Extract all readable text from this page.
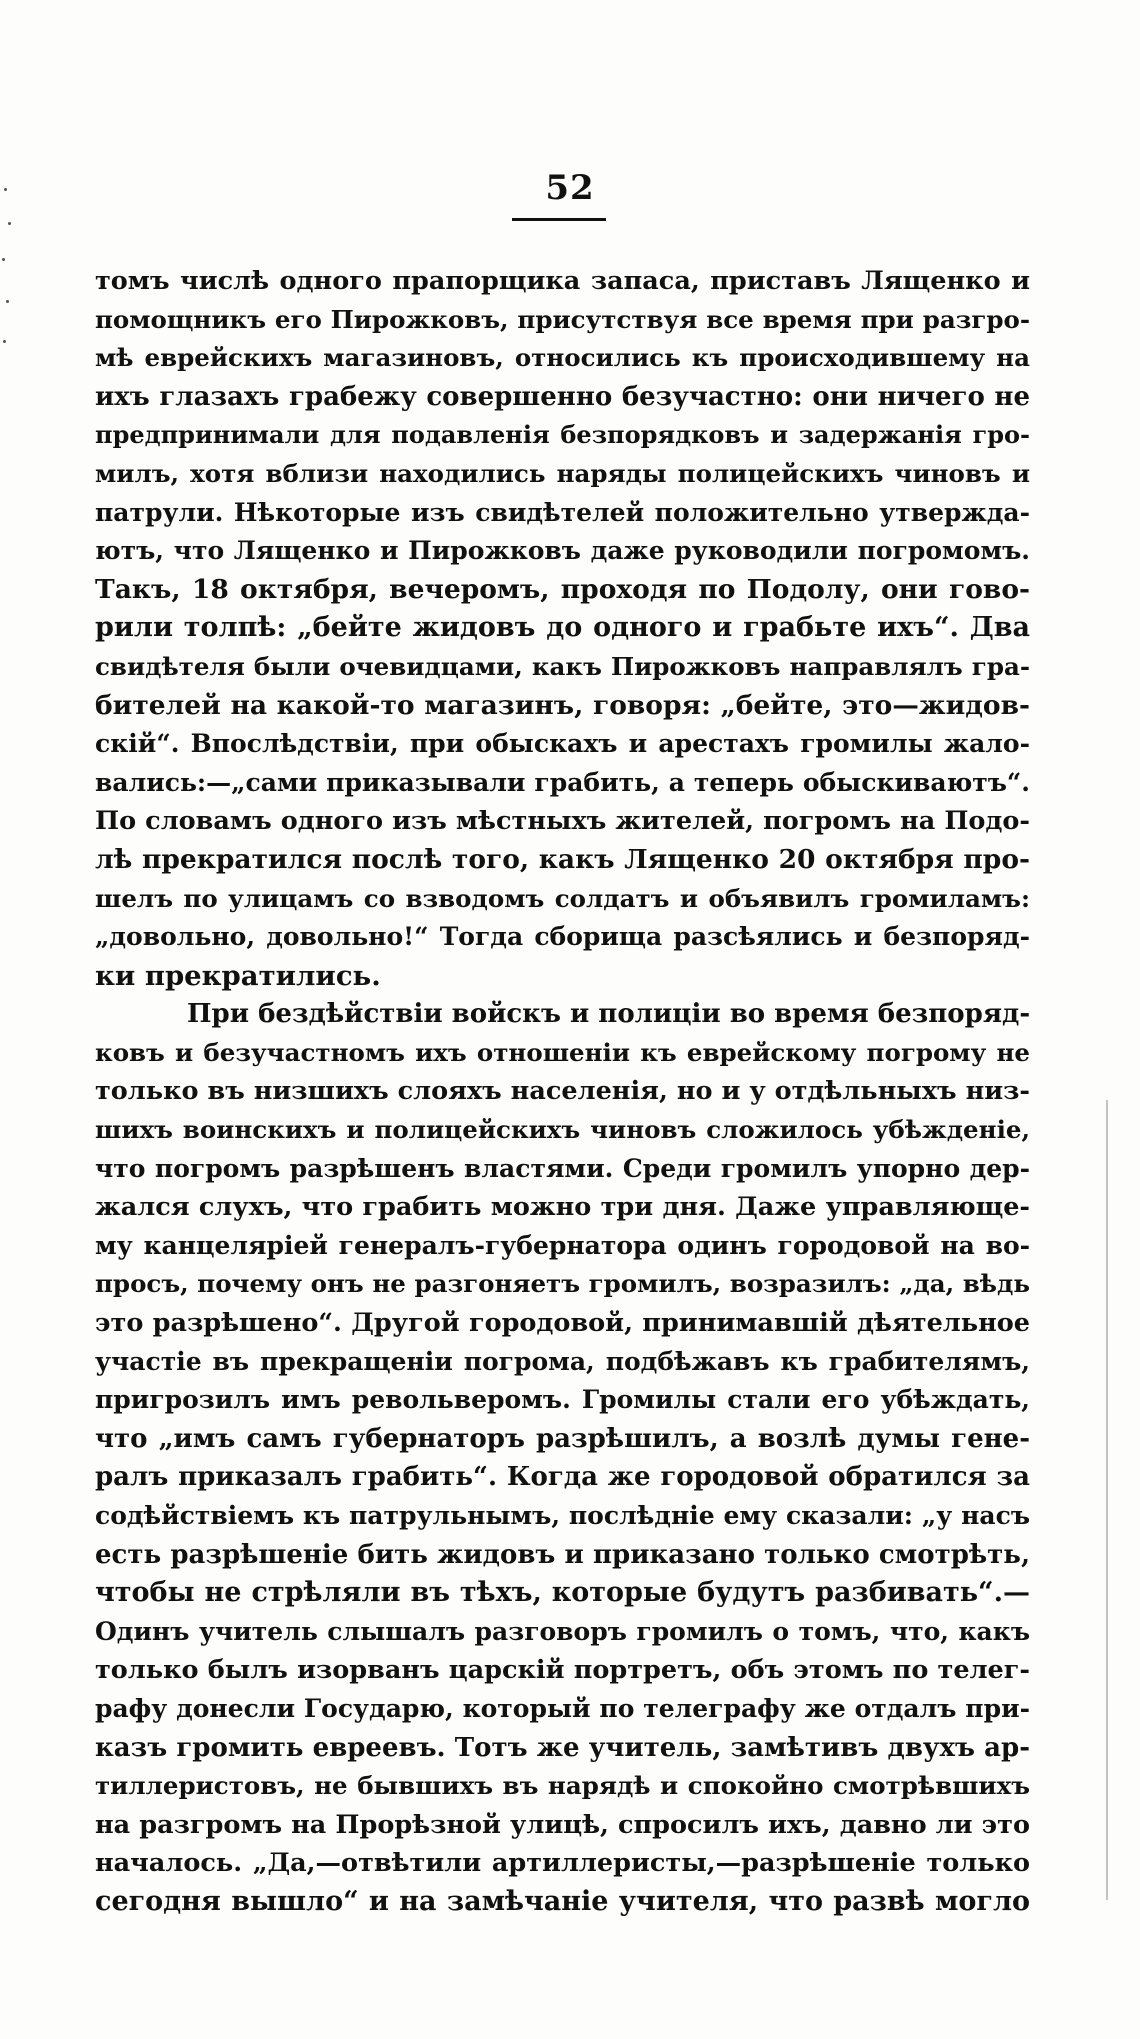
52
томъ числѣ одного прапорщика запаса, приставъ Лященко и
помощникъ его Пирожковъ, присутствуя все время при разгро-
мѣ еврейскихъ магазиновъ, относились къ происходившему на
ихъ глазахъ грабежу совершенно безучастно: они ничего не
предпринимали для подавленія безпорядковъ и задержанія гро-
милъ, хотя вблизи находились наряды полицейскихъ чиновъ и
патрули. Нѣкоторые изъ свидѣтелей положительно утвержда-
ютъ, что Лященко и Пирожковъ даже руководили погромомъ.
Такъ, 18 октября, вечеромъ, проходя по Подолу, они гово-
рили толпѣ: „бейте жидовъ до одного и грабьте ихъ“. Два
свидѣтеля были очевидцами, какъ Пирожковъ направлялъ гра-
бителей на какой-то магазинъ, говоря: „бейте, это—жидов-
скій“. Впослѣдствіи, при обыскахъ и арестахъ громилы жало-
вались:—„сами приказывали грабить, а теперь обыскиваютъ“.
По словамъ одного изъ мѣстныхъ жителей, погромъ на Подо-
лѣ прекратился послѣ того, какъ Лященко 20 октября про-
шелъ по улицамъ со взводомъ солдатъ и объявилъ громиламъ:
„довольно, довольно!“ Тогда сборища разсѣялись и безпоряд-
ки прекратились.
При бездѣйствіи войскъ и полиціи во время безпоряд-
ковъ и безучастномъ ихъ отношеніи къ еврейскому погрому не
только въ низшихъ слояхъ населенія, но и у отдѣльныхъ низ-
шихъ воинскихъ и полицейскихъ чиновъ сложилось убѣжденіе,
что погромъ разрѣшенъ властями. Среди громилъ упорно дер-
жался слухъ, что грабить можно три дня. Даже управляюще-
му канцеляріей генералъ-губернатора одинъ городовой на во-
просъ, почему онъ не разгоняетъ громилъ, возразилъ: „да, вѣдь
это разрѣшено“. Другой городовой, принимавшій дѣятельное
участіе въ прекращеніи погрома, подбѣжавъ къ грабителямъ,
пригрозилъ имъ револьверомъ. Громилы стали его убѣждать,
что „имъ самъ губернаторъ разрѣшилъ, а возлѣ думы гене-
ралъ приказалъ грабить“. Когда же городовой обратился за
содѣйствіемъ къ патрульнымъ, послѣдніе ему сказали: „у насъ
есть разрѣшеніе бить жидовъ и приказано только смотрѣть,
чтобы не стрѣляли въ тѣхъ, которые будутъ разбивать“.—
Одинъ учитель слышалъ разговоръ громилъ о томъ, что, какъ
только былъ изорванъ царскій портретъ, объ этомъ по телег-
рафу донесли Государю, который по телеграфу же отдалъ при-
казъ громить евреевъ. Тотъ же учитель, замѣтивъ двухъ ар-
тиллеристовъ, не бывшихъ въ нарядѣ и спокойно смотрѣвшихъ
на разгромъ на Прорѣзной улицѣ, спросилъ ихъ, давно ли это
началось. „Да,—отвѣтили артиллеристы,—разрѣшеніе только
сегодня вышло“ и на замѣчаніе учителя, что развѣ могло
